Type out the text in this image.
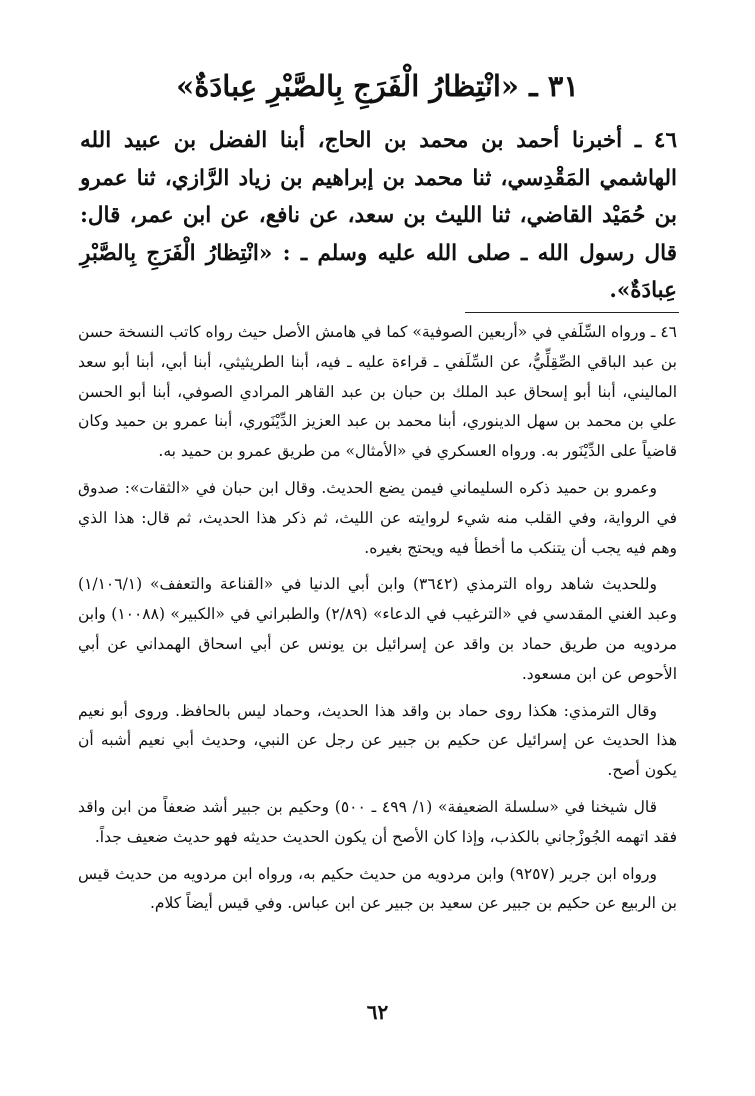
٣١ ـ «انْتِظارُ الْفَرَجِ بِالصَّبْرِ عِبادَةٌ»

٤٦ ـ أخبرنا أحمد بن محمد بن الحاج، أبنا الفضل بن عبيد الله الهاشمي المَقْدِسي، ثنا محمد بن إبراهيم بن زياد الرَّازي، ثنا عمرو بن حُمَيْد القاضي، ثنا الليث بن سعد، عن نافع، عن ابن عمر، قال: قال رسول الله ـ صلى الله عليه وسلم ـ : «انْتِظارُ الْفَرَجِ بِالصَّبْرِ عِبادَةٌ».

٤٦ ـ ورواه السِّلَفي في «أربعين الصوفية» كما في هامش الأصل حيث رواه كاتب النسخة حسن بن عبد الباقي الصِّقِلِّيُّ، عن السِّلَفي ـ قراءة عليه ـ فيه، أبنا الطريثيثي، أبنا أبي، أبنا أبو سعد الماليني، أبنا أبو إسحاق عبد الملك بن حبان بن عبد القاهر المرادي الصوفي، أبنا أبو الحسن علي بن محمد بن سهل الدينوري، أبنا محمد بن عبد العزيز الدِّيْنَوري، أبنا عمرو بن حميد وكان قاضياً على الدِّيْنَور به. ورواه العسكري في «الأمثال» من طريق عمرو بن حميد به.

وعمرو بن حميد ذكره السليماني فيمن يضع الحديث. وقال ابن حبان في «الثقات»: صدوق في الرواية، وفي القلب منه شيء لروايته عن الليث، ثم ذكر هذا الحديث، ثم قال: هذا الذي وهم فيه يجب أن يتنكب ما أخطأ فيه ويحتج بغيره.

وللحديث شاهد رواه الترمذي (٣٦٤٢) وابن أبي الدنيا في «القناعة والتعفف» (١/١٠٦/١) وعبد الغني المقدسي في «الترغيب في الدعاء» (٢/٨٩) والطبراني في «الكبير» (١٠٠٨٨) وابن مردويه من طريق حماد بن واقد عن إسرائيل بن يونس عن أبي اسحاق الهمداني عن أبي الأحوص عن ابن مسعود.

وقال الترمذي: هكذا روى حماد بن واقد هذا الحديث، وحماد ليس بالحافظ. وروى أبو نعيم هذا الحديث عن إسرائيل عن حكيم بن جبير عن رجل عن النبي، وحديث أبي نعيم أشبه أن يكون أصح.

قال شيخنا في «سلسلة الضعيفة» (١/ ٤٩٩ ـ ٥٠٠) وحكيم بن جبير أشد ضعفاً من ابن واقد فقد اتهمه الجُوزْجاني بالكذب، وإذا كان الأصح أن يكون الحديث حديثه فهو حديث ضعيف جداً.

ورواه ابن جرير (٩٢٥٧) وابن مردويه من حديث حكيم به، ورواه ابن مردويه من حديث قيس بن الربيع عن حكيم بن جبير عن سعيد بن جبير عن ابن عباس. وفي قيس أيضاً كلام.

٦٢
